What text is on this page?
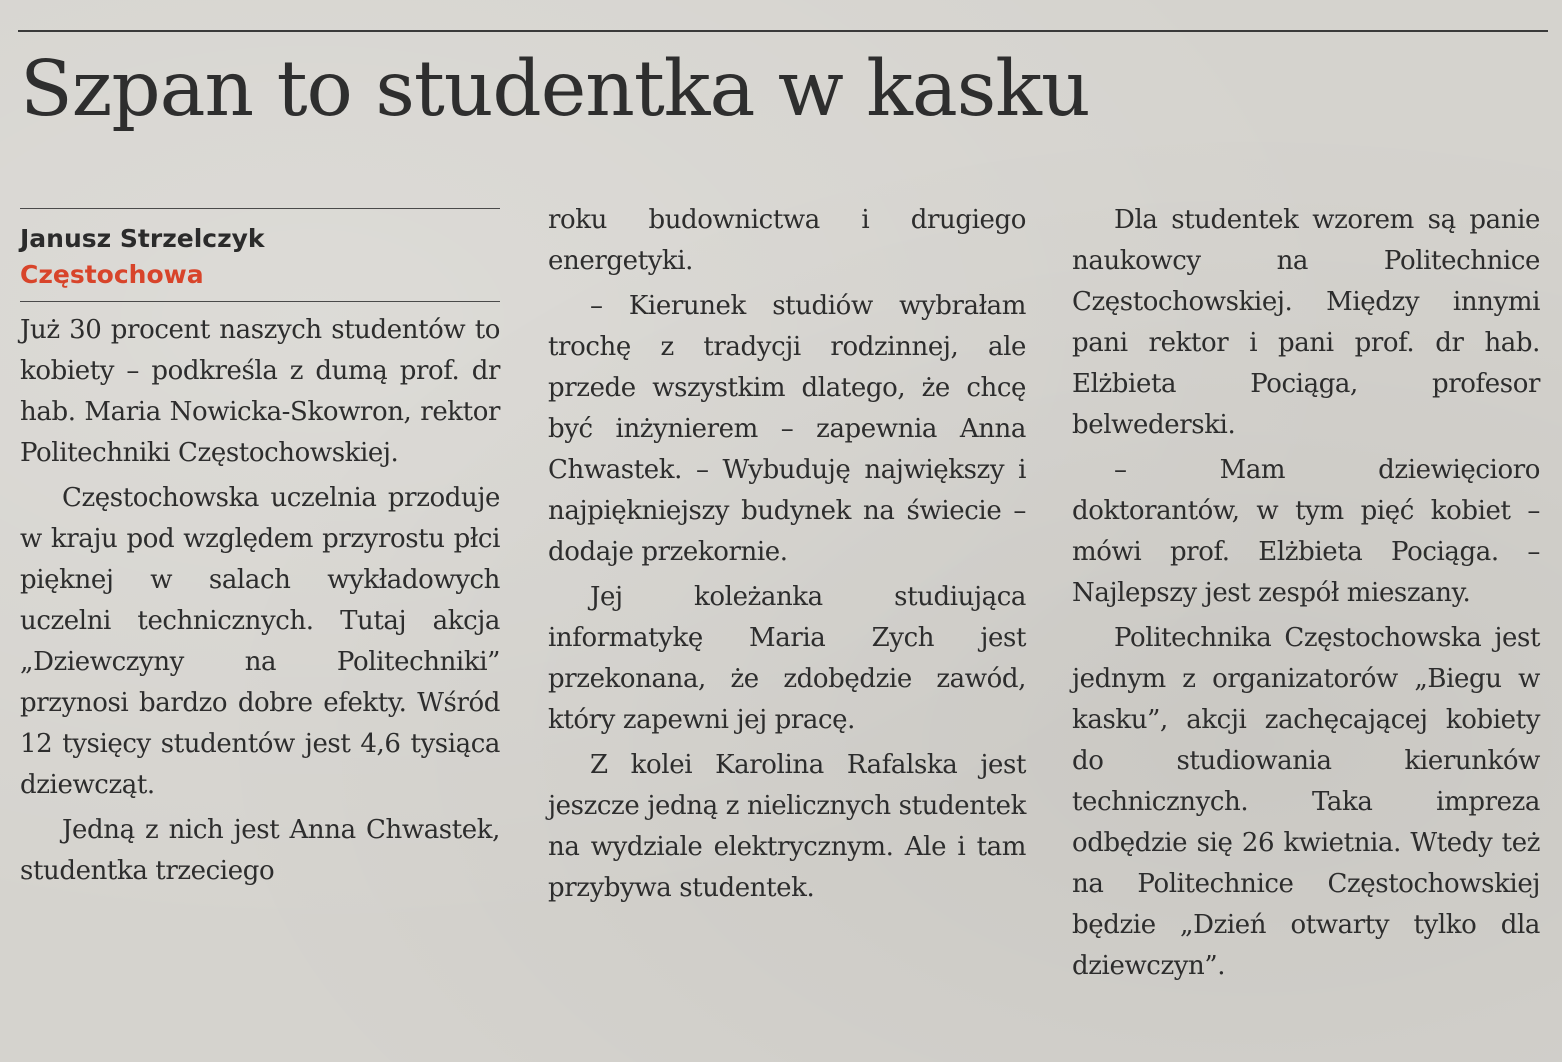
Szpan to studentka w kasku
Janusz Strzelczyk
Częstochowa

Już 30 procent naszych studentów to kobiety – podkreśla z dumą prof. dr hab. Maria Nowicka-Skowron, rektor Politechniki Częstochowskiej.

Częstochowska uczelnia przoduje w kraju pod względem przyrostu płci pięknej w salach wykładowych uczelni technicznych. Tutaj akcja „Dziewczyny na Politechniki” przynosi bardzo dobre efekty. Wśród 12 tysięcy studentów jest 4,6 tysiąca dziewcząt.

Jedną z nich jest Anna Chwastek, studentka trzeciego

roku budownictwa i drugiego energetyki.

– Kierunek studiów wybrałam trochę z tradycji rodzinnej, ale przede wszystkim dlatego, że chcę być inżynierem – zapewnia Anna Chwastek. – Wybuduję największy i najpiękniejszy budynek na świecie – dodaje przekornie.

Jej koleżanka studiująca informatykę Maria Zych jest przekonana, że zdobędzie zawód, który zapewni jej pracę.

Z kolei Karolina Rafalska jest jeszcze jedną z nielicznych studentek na wydziale elektrycznym. Ale i tam przybywa studentek.

Dla studentek wzorem są panie naukowcy na Politechnice Częstochowskiej. Między innymi pani rektor i pani prof. dr hab. Elżbieta Pociąga, profesor belwederski.

– Mam dziewięcioro doktorantów, w tym pięć kobiet – mówi prof. Elżbieta Pociąga. – Najlepszy jest zespół mieszany.

Politechnika Częstochowska jest jednym z organizatorów „Biegu w kasku”, akcji zachęcającej kobiety do studiowania kierunków technicznych. Taka impreza odbędzie się 26 kwietnia. Wtedy też na Politechnice Częstochowskiej będzie „Dzień otwarty tylko dla dziewczyn”.
